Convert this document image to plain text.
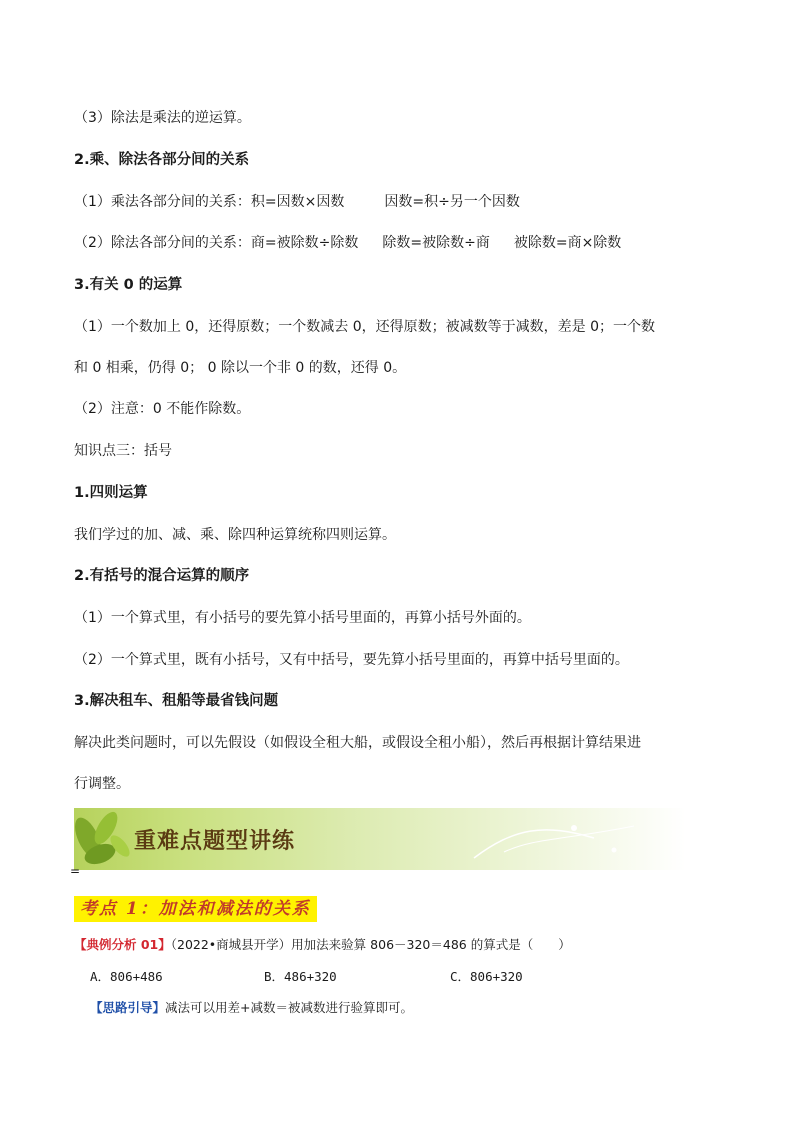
（3）除法是乘法的逆运算。
2.乘、除法各部分间的关系
（1）乘法各部分间的关系：积=因数×因数	因数=积÷另一个因数
（2）除法各部分间的关系：商=被除数÷除数 除数=被除数÷商 被除数=商×除数
3.有关 0 的运算
（1）一个数加上 0，还得原数；一个数减去 0，还得原数；被减数等于减数，差是 0；一个数
和 0 相乘，仍得 0； 0 除以一个非 0 的数，还得 0。
（2）注意：0 不能作除数。
知识点三：括号
1.四则运算
我们学过的加、减、乘、除四种运算统称四则运算。
2.有括号的混合运算的顺序
（1）一个算式里，有小括号的要先算小括号里面的，再算小括号外面的。
（2）一个算式里，既有小括号，又有中括号，要先算小括号里面的，再算中括号里面的。
3.解决租车、租船等最省钱问题
解决此类问题时，可以先假设（如假设全租大船，或假设全租小船），然后再根据计算结果进
行调整。
重难点题型讲练
=
考点 1：加法和减法的关系
【典例分析 01】（2022•商城县开学）用加法来验算 806－320＝486 的算式是（　　）
A．806+486	B．486+320	C．806+320
【思路引导】减法可以用差+减数＝被减数进行验算即可。
